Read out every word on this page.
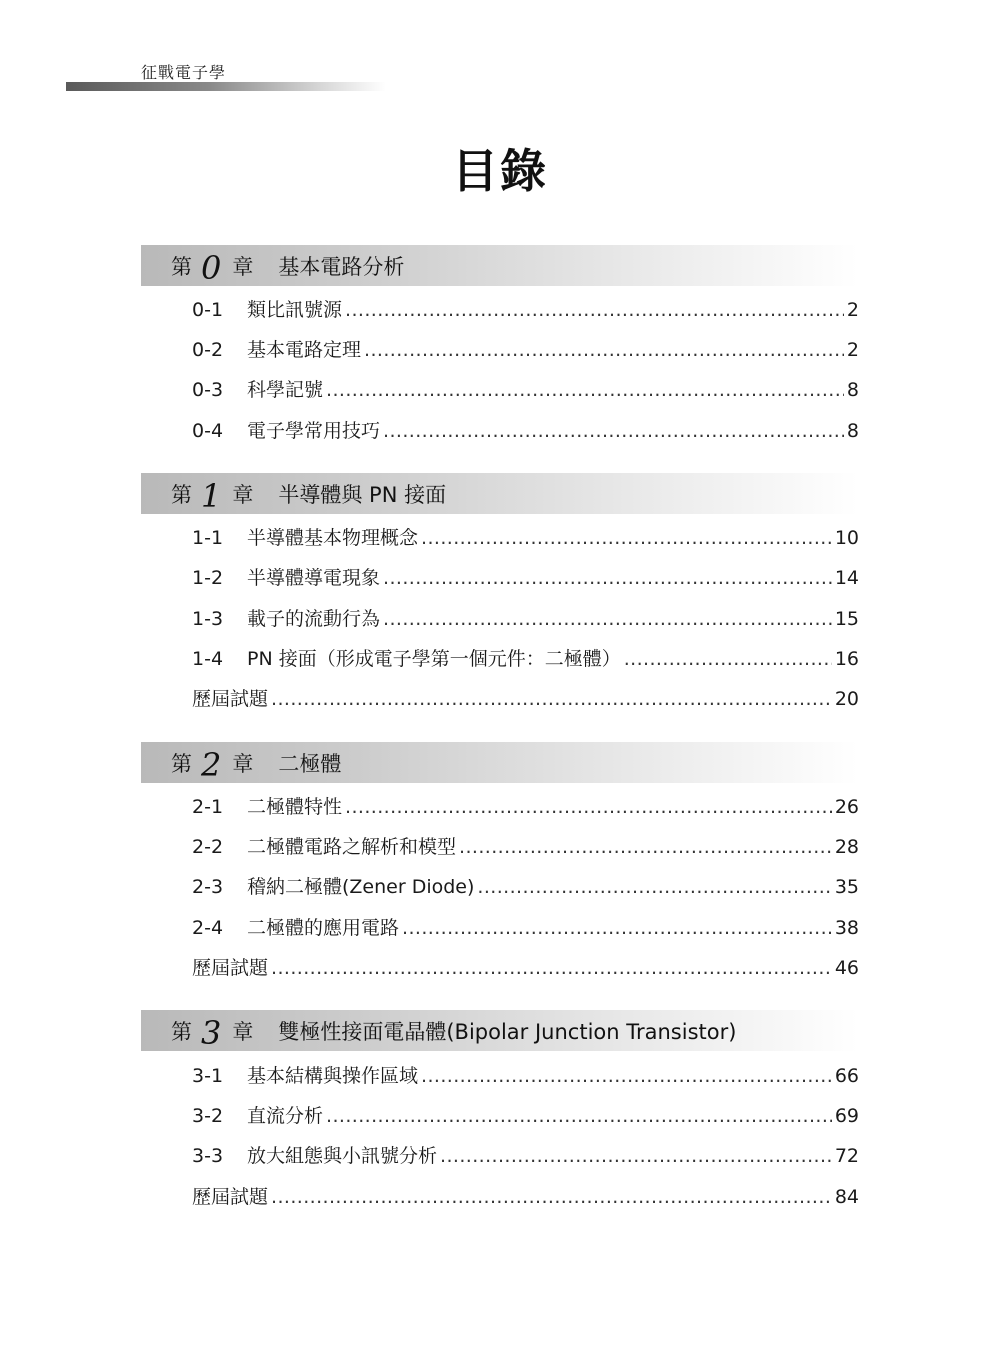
征戰電子學
目錄
第 0 章 基本電路分析
0-1	類比訊號源 .....	2
0-2	基本電路定理 .....	2
0-3	科學記號 .....	8
0-4	電子學常用技巧 .....	8
第 1 章 半導體與 PN 接面
1-1	半導體基本物理概念 .....	10
1-2	半導體導電現象 .....	14
1-3	載子的流動行為 .....	15
1-4	PN 接面（形成電子學第一個元件：二極體） .....	16
歷屆試題 .....	20
第 2 章 二極體
2-1	二極體特性 .....	26
2-2	二極體電路之解析和模型 .....	28
2-3	稽納二極體(Zener Diode) .....	35
2-4	二極體的應用電路 .....	38
歷屆試題 .....	46
第 3 章 雙極性接面電晶體(Bipolar Junction Transistor)
3-1	基本結構與操作區域 .....	66
3-2	直流分析 .....	69
3-3	放大組態與小訊號分析 .....	72
歷屆試題 .....	84
